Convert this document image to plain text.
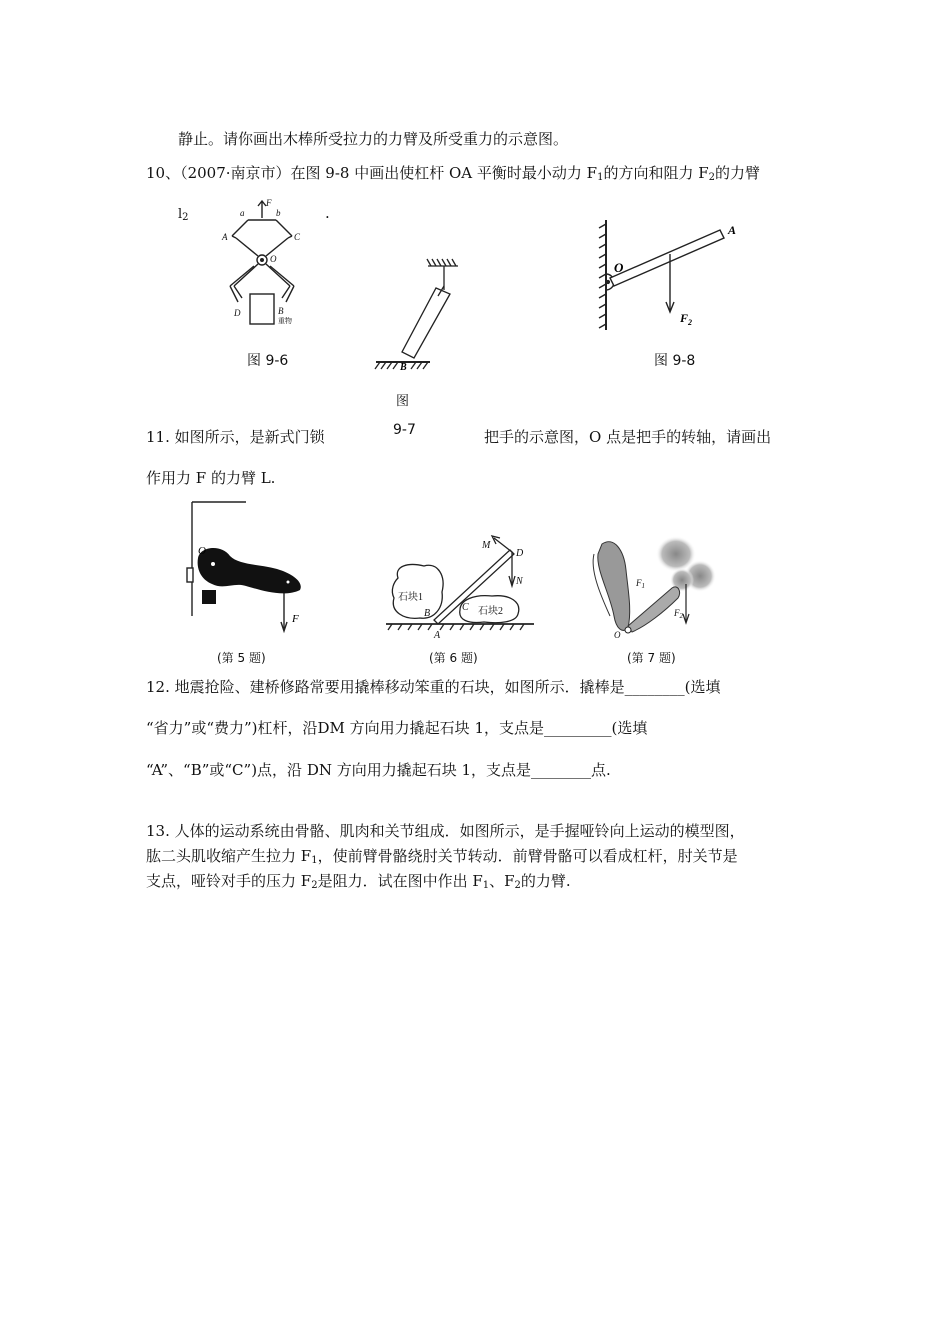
静止。请你画出木棒所受拉力的力臂及所受重力的示意图。
10、（2007·南京市）在图 9-8 中画出使杠杆 OA 平衡时最小动力 $F_1$的方向和阻力 $F_2$的力臂
$l_2$	.
F
a	b
A	C
O
D	B
重物
图 9-6	B
图
9-7
O
A
$F_2$
图 9-8
11. 如图所示，是新式门锁	把手的示意图，O 点是把手的转轴，请画出
作用力 F 的力臂 L.
O
F
(第 5 题)
M
D
N
B
C
A
石块1
石块2
(第 6 题)
$F_1$
$F_2$
O
(第 7 题)
12. 地震抢险、建桥修路常要用撬棒移动笨重的石块，如图所示．撬棒是________(选填
“省力”或“费力”)杠杆，沿DM 方向用力撬起石块 1，支点是_________(选填
“A”、“B”或“C”)点，沿 DN 方向用力撬起石块 1，支点是________点.
13. 人体的运动系统由骨骼、肌肉和关节组成．如图所示，是手握哑铃向上运动的模型图，
肱二头肌收缩产生拉力 $F_1$，使前臂骨骼绕肘关节转动．前臂骨骼可以看成杠杆，肘关节是
支点，哑铃对手的压力 $F_2$是阻力．试在图中作出 $F_1$、$F_2$的力臂.
